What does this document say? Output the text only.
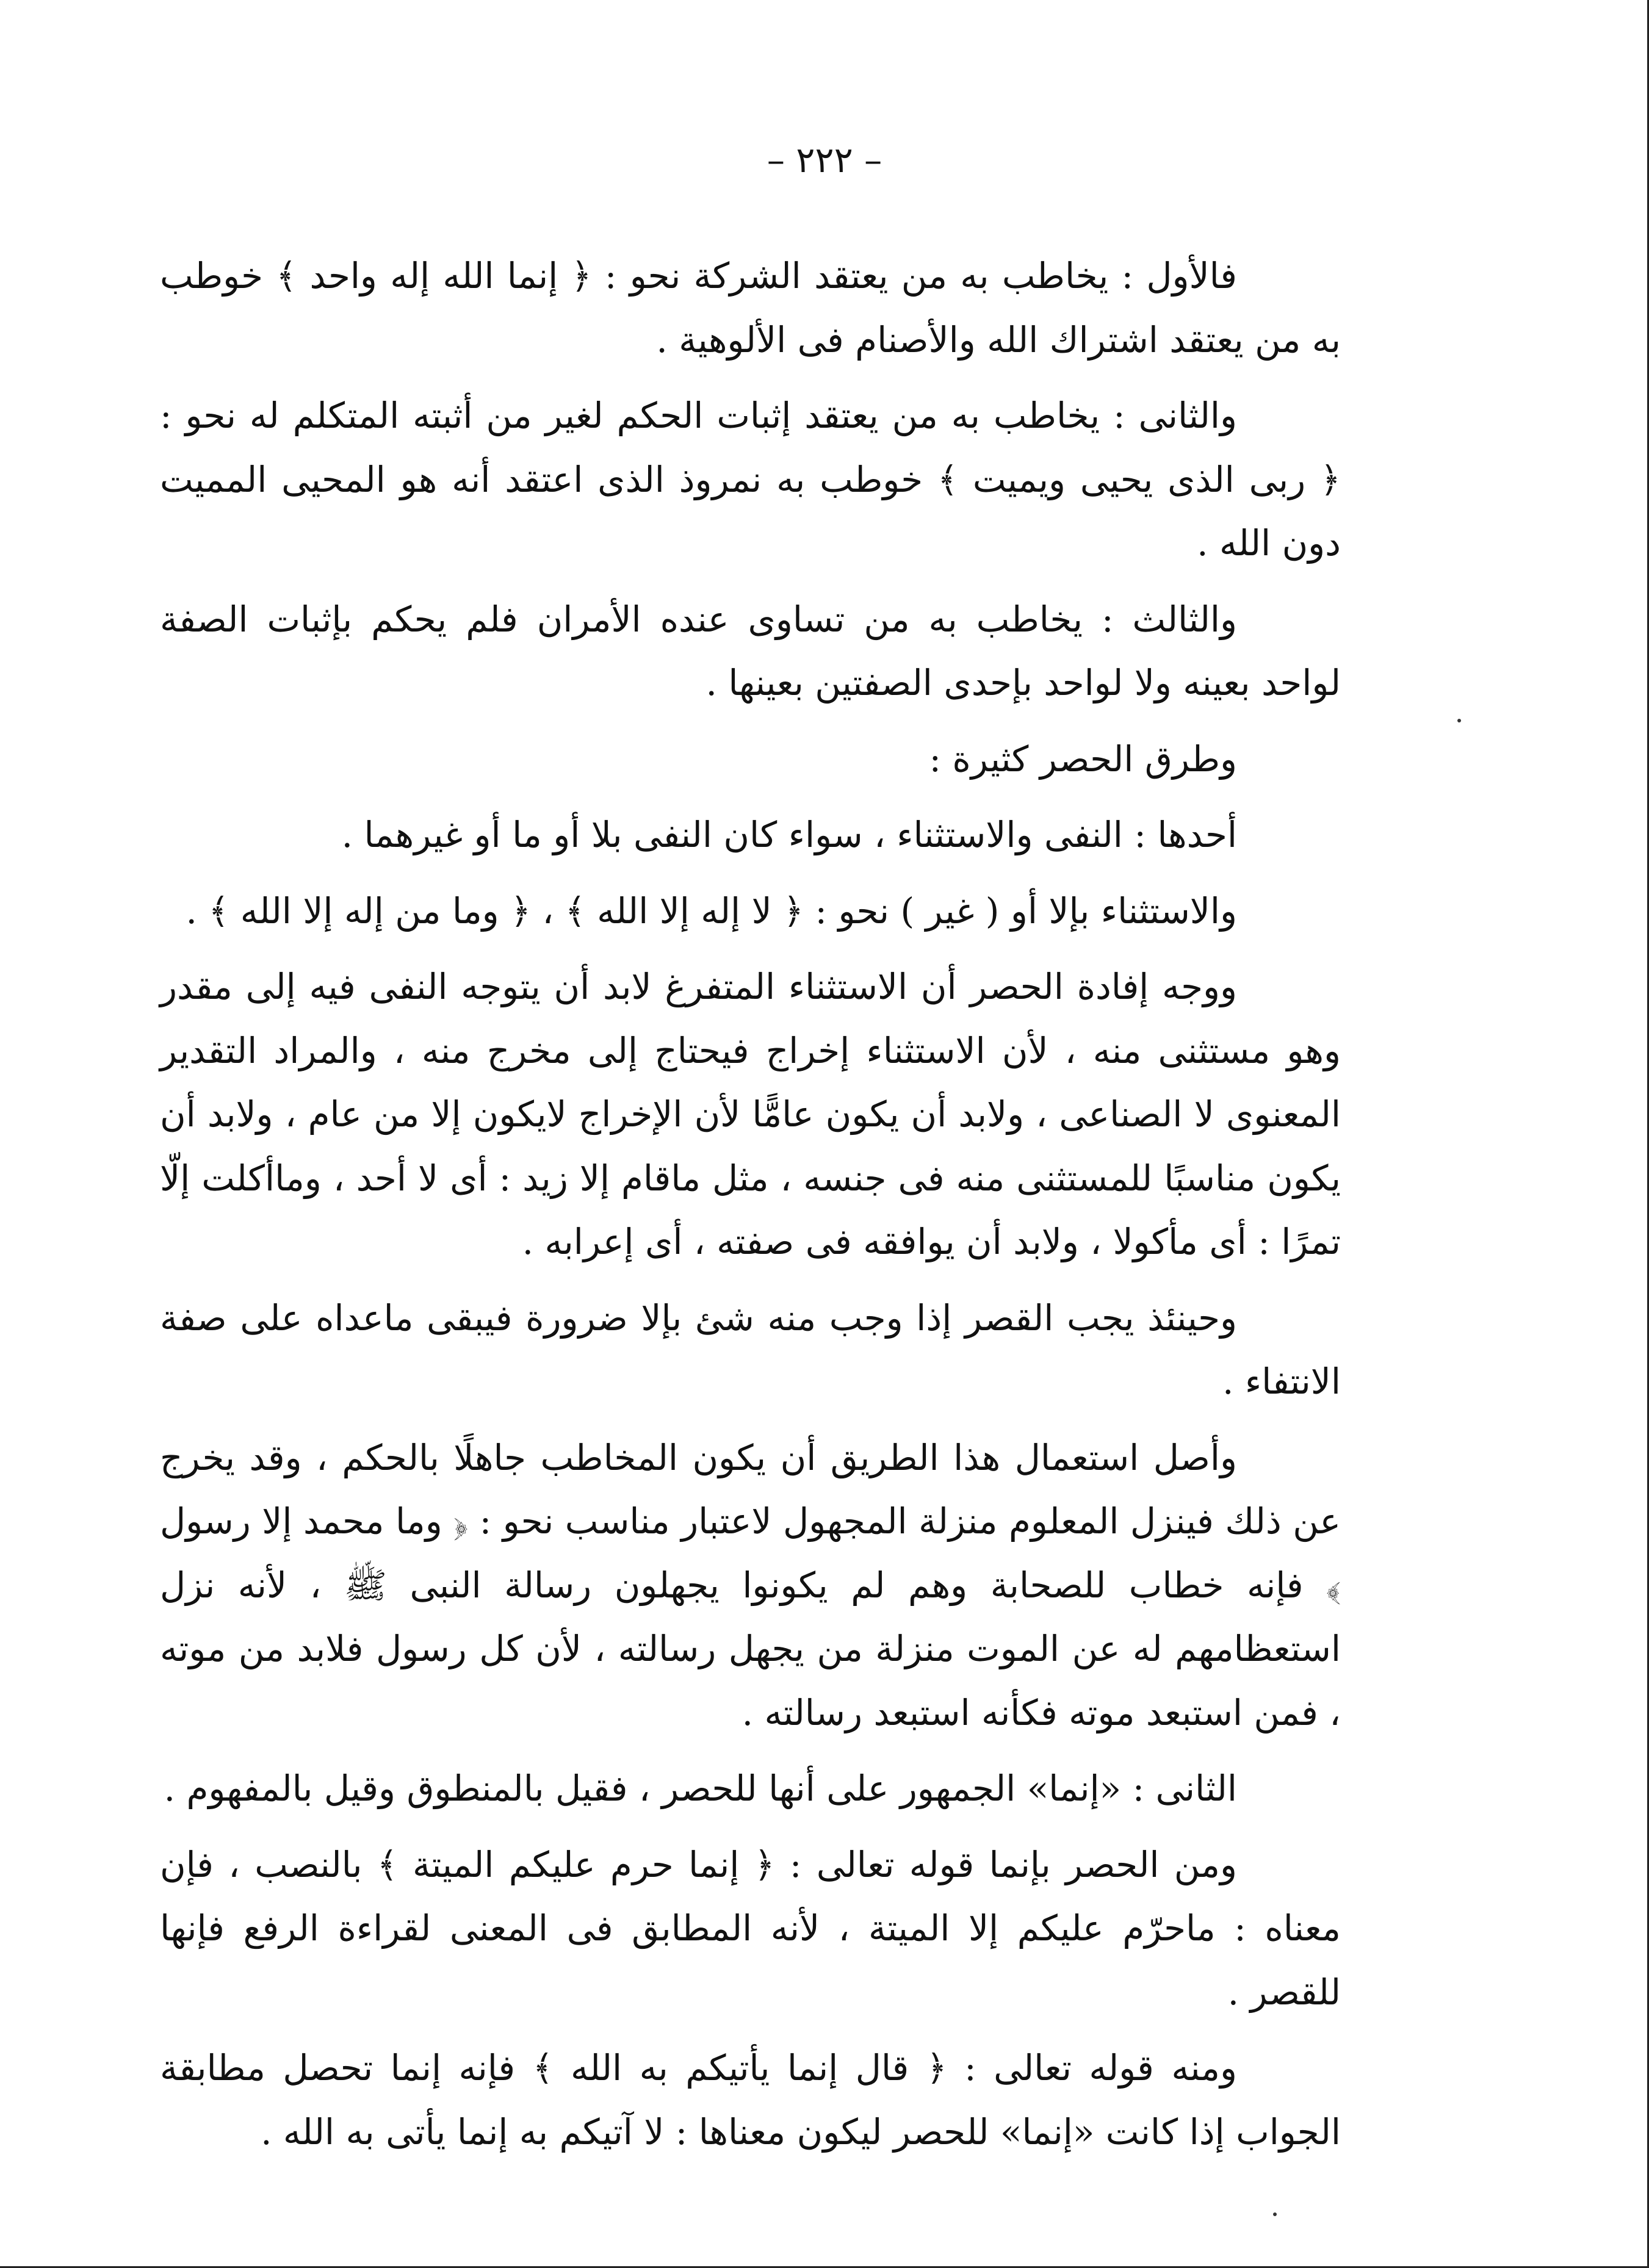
– ٢٢٢ –

فالأول : يخاطب به من يعتقد الشركة نحو : ﴿ إنما الله إله واحد ﴾ خوطب به من يعتقد اشتراك الله والأصنام فى الألوهية .

والثانى : يخاطب به من يعتقد إثبات الحكم لغير من أثبته المتكلم له نحو : ﴿ ربى الذى يحيى ويميت ﴾ خوطب به نمروذ الذى اعتقد أنه هو المحيى المميت دون الله .

والثالث : يخاطب به من تساوى عنده الأمران فلم يحكم بإثبات الصفة لواحد بعينه ولا لواحد بإحدى الصفتين بعينها .

وطرق الحصر كثيرة :

أحدها : النفى والاستثناء ، سواء كان النفى بلا أو ما أو غيرهما .

والاستثناء بإلا أو ( غير ) نحو : ﴿ لا إله إلا الله ﴾ ، ﴿ وما من إله إلا الله ﴾ .

ووجه إفادة الحصر أن الاستثناء المتفرغ لابد أن يتوجه النفى فيه إلى مقدر وهو مستثنى منه ، لأن الاستثناء إخراج فيحتاج إلى مخرج منه ، والمراد التقدير المعنوى لا الصناعى ، ولابد أن يكون عامًّا لأن الإخراج لايكون إلا من عام ، ولابد أن يكون مناسبًا للمستثنى منه فى جنسه ، مثل ماقام إلا زيد : أى لا أحد ، وماأكلت إلّا تمرًا : أى مأكولا ، ولابد أن يوافقه فى صفته ، أى إعرابه .

وحينئذ يجب القصر إذا وجب منه شئ بإلا ضرورة فيبقى ماعداه على صفة الانتفاء .

وأصل استعمال هذا الطريق أن يكون المخاطب جاهلًا بالحكم ، وقد يخرج عن ذلك فينزل المعلوم منزلة المجهول لاعتبار مناسب نحو : ﴿ وما محمد إلا رسول ﴾ فإنه خطاب للصحابة وهم لم يكونوا يجهلون رسالة النبى ﷺ ، لأنه نزل استعظامهم له عن الموت منزلة من يجهل رسالته ، لأن كل رسول فلابد من موته ، فمن استبعد موته فكأنه استبعد رسالته .

الثانى : «إنما» الجمهور على أنها للحصر ، فقيل بالمنطوق وقيل بالمفهوم .

ومن الحصر بإنما قوله تعالى : ﴿ إنما حرم عليكم الميتة ﴾ بالنصب ، فإن معناه : ماحرّم عليكم إلا الميتة ، لأنه المطابق فى المعنى لقراءة الرفع فإنها للقصر .

ومنه قوله تعالى : ﴿ قال إنما يأتيكم به الله ﴾ فإنه إنما تحصل مطابقة الجواب إذا كانت «إنما» للحصر ليكون معناها : لا آتيكم به إنما يأتى به الله .
